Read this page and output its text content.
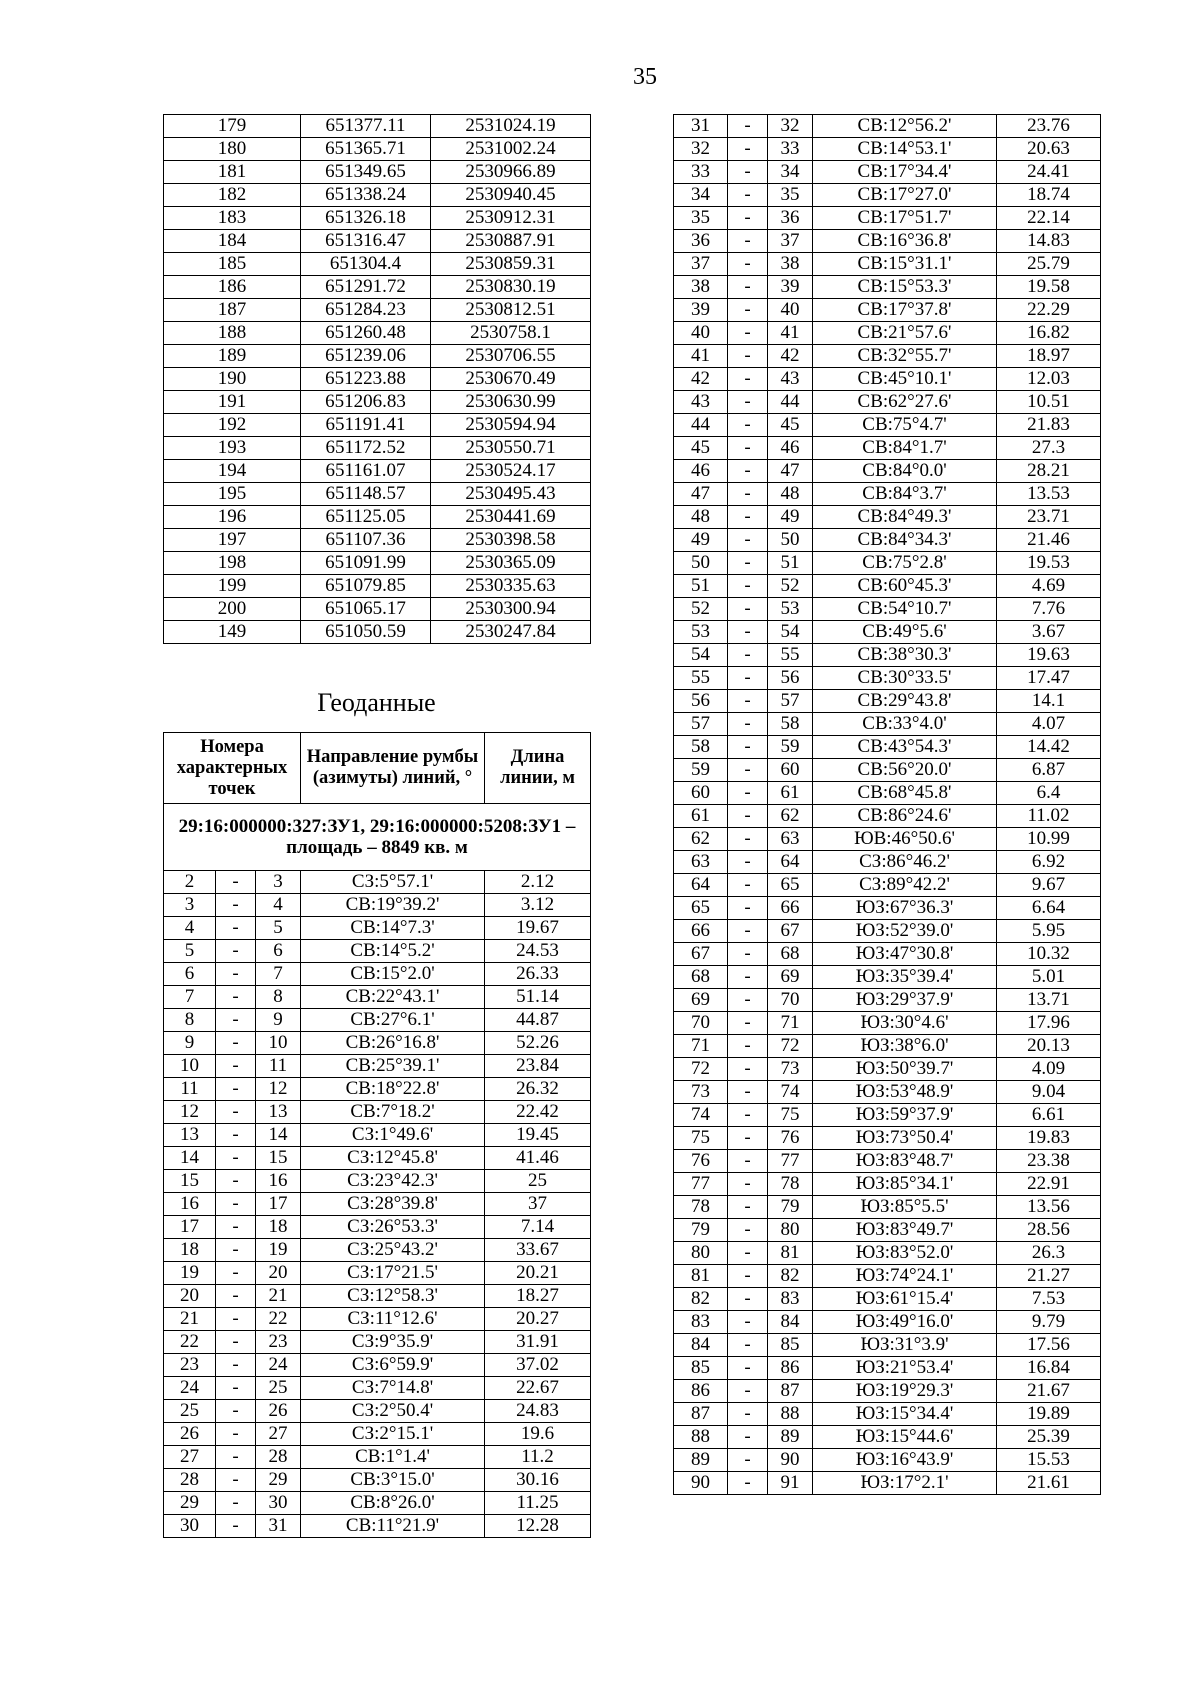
35
179	651377.11	2531024.19
180	651365.71	2531002.24
181	651349.65	2530966.89
182	651338.24	2530940.45
183	651326.18	2530912.31
184	651316.47	2530887.91
185	651304.4	2530859.31
186	651291.72	2530830.19
187	651284.23	2530812.51
188	651260.48	2530758.1
189	651239.06	2530706.55
190	651223.88	2530670.49
191	651206.83	2530630.99
192	651191.41	2530594.94
193	651172.52	2530550.71
194	651161.07	2530524.17
195	651148.57	2530495.43
196	651125.05	2530441.69
197	651107.36	2530398.58
198	651091.99	2530365.09
199	651079.85	2530335.63
200	651065.17	2530300.94
149	651050.59	2530247.84
Геоданные
Номера характерных точек			Направление румбы (азимуты) линий, °	Длина линии, м
29:16:000000:327:ЗУ1, 29:16:000000:5208:ЗУ1 – площадь – 8849 кв. м				
2	-	3	СЗ:5°57.1'	2.12
3	-	4	СВ:19°39.2'	3.12
4	-	5	СВ:14°7.3'	19.67
5	-	6	СВ:14°5.2'	24.53
6	-	7	СВ:15°2.0'	26.33
7	-	8	СВ:22°43.1'	51.14
8	-	9	СВ:27°6.1'	44.87
9	-	10	СВ:26°16.8'	52.26
10	-	11	СВ:25°39.1'	23.84
11	-	12	СВ:18°22.8'	26.32
12	-	13	СВ:7°18.2'	22.42
13	-	14	СЗ:1°49.6'	19.45
14	-	15	СЗ:12°45.8'	41.46
15	-	16	СЗ:23°42.3'	25
16	-	17	СЗ:28°39.8'	37
17	-	18	СЗ:26°53.3'	7.14
18	-	19	СЗ:25°43.2'	33.67
19	-	20	СЗ:17°21.5'	20.21
20	-	21	СЗ:12°58.3'	18.27
21	-	22	СЗ:11°12.6'	20.27
22	-	23	СЗ:9°35.9'	31.91
23	-	24	СЗ:6°59.9'	37.02
24	-	25	СЗ:7°14.8'	22.67
25	-	26	СЗ:2°50.4'	24.83
26	-	27	СЗ:2°15.1'	19.6
27	-	28	СВ:1°1.4'	11.2
28	-	29	СВ:3°15.0'	30.16
29	-	30	СВ:8°26.0'	11.25
30	-	31	СВ:11°21.9'	12.28
31	-	32	СВ:12°56.2'	23.76
32	-	33	СВ:14°53.1'	20.63
33	-	34	СВ:17°34.4'	24.41
34	-	35	СВ:17°27.0'	18.74
35	-	36	СВ:17°51.7'	22.14
36	-	37	СВ:16°36.8'	14.83
37	-	38	СВ:15°31.1'	25.79
38	-	39	СВ:15°53.3'	19.58
39	-	40	СВ:17°37.8'	22.29
40	-	41	СВ:21°57.6'	16.82
41	-	42	СВ:32°55.7'	18.97
42	-	43	СВ:45°10.1'	12.03
43	-	44	СВ:62°27.6'	10.51
44	-	45	СВ:75°4.7'	21.83
45	-	46	СВ:84°1.7'	27.3
46	-	47	СВ:84°0.0'	28.21
47	-	48	СВ:84°3.7'	13.53
48	-	49	СВ:84°49.3'	23.71
49	-	50	СВ:84°34.3'	21.46
50	-	51	СВ:75°2.8'	19.53
51	-	52	СВ:60°45.3'	4.69
52	-	53	СВ:54°10.7'	7.76
53	-	54	СВ:49°5.6'	3.67
54	-	55	СВ:38°30.3'	19.63
55	-	56	СВ:30°33.5'	17.47
56	-	57	СВ:29°43.8'	14.1
57	-	58	СВ:33°4.0'	4.07
58	-	59	СВ:43°54.3'	14.42
59	-	60	СВ:56°20.0'	6.87
60	-	61	СВ:68°45.8'	6.4
61	-	62	СВ:86°24.6'	11.02
62	-	63	ЮВ:46°50.6'	10.99
63	-	64	СЗ:86°46.2'	6.92
64	-	65	СЗ:89°42.2'	9.67
65	-	66	ЮЗ:67°36.3'	6.64
66	-	67	ЮЗ:52°39.0'	5.95
67	-	68	ЮЗ:47°30.8'	10.32
68	-	69	ЮЗ:35°39.4'	5.01
69	-	70	ЮЗ:29°37.9'	13.71
70	-	71	ЮЗ:30°4.6'	17.96
71	-	72	ЮЗ:38°6.0'	20.13
72	-	73	ЮЗ:50°39.7'	4.09
73	-	74	ЮЗ:53°48.9'	9.04
74	-	75	ЮЗ:59°37.9'	6.61
75	-	76	ЮЗ:73°50.4'	19.83
76	-	77	ЮЗ:83°48.7'	23.38
77	-	78	ЮЗ:85°34.1'	22.91
78	-	79	ЮЗ:85°5.5'	13.56
79	-	80	ЮЗ:83°49.7'	28.56
80	-	81	ЮЗ:83°52.0'	26.3
81	-	82	ЮЗ:74°24.1'	21.27
82	-	83	ЮЗ:61°15.4'	7.53
83	-	84	ЮЗ:49°16.0'	9.79
84	-	85	ЮЗ:31°3.9'	17.56
85	-	86	ЮЗ:21°53.4'	16.84
86	-	87	ЮЗ:19°29.3'	21.67
87	-	88	ЮЗ:15°34.4'	19.89
88	-	89	ЮЗ:15°44.6'	25.39
89	-	90	ЮЗ:16°43.9'	15.53
90	-	91	ЮЗ:17°2.1'	21.61
